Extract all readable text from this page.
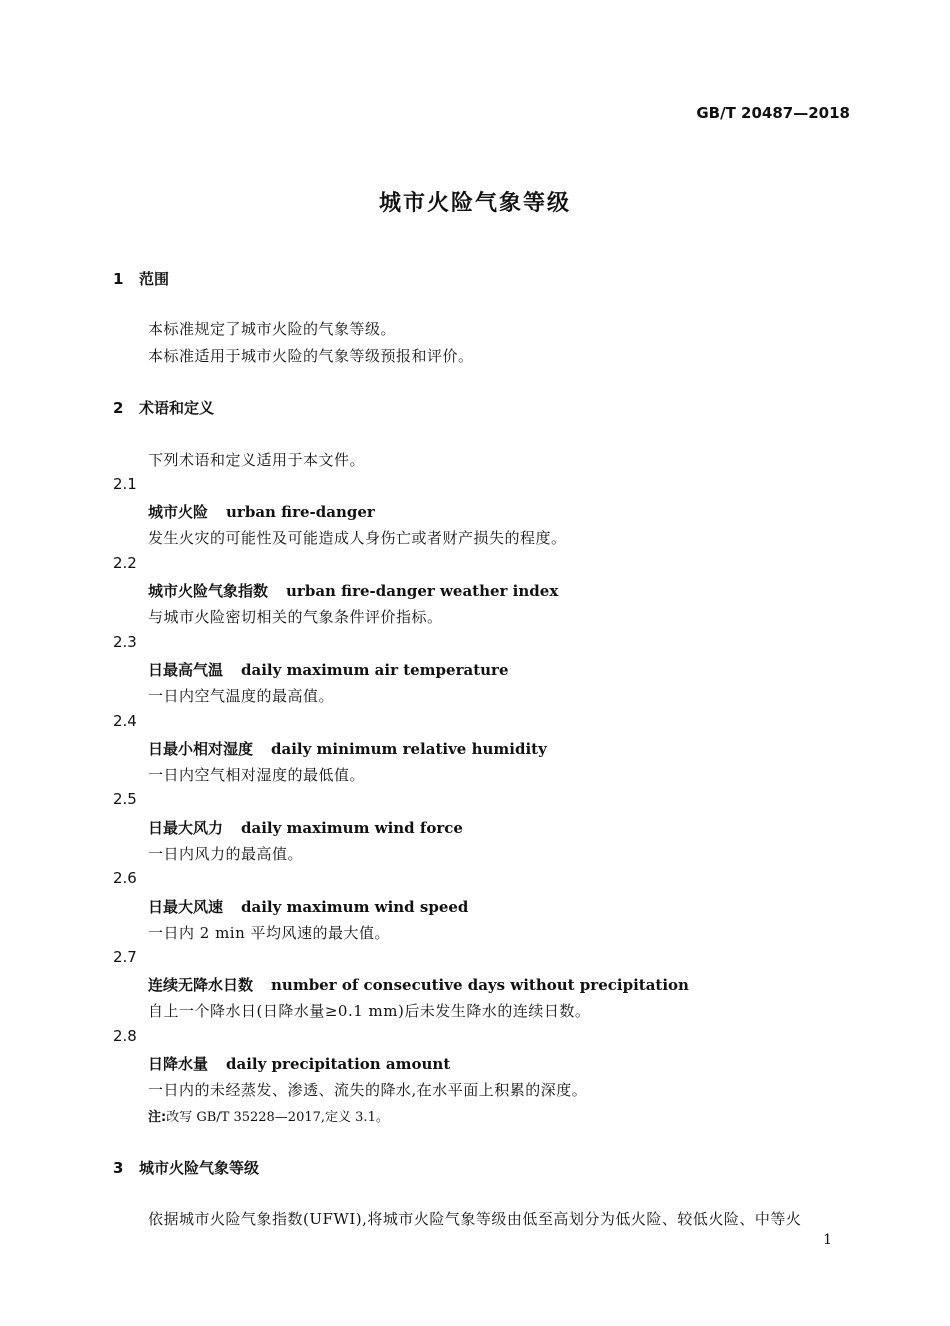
GB/T 20487—2018
城市火险气象等级
1 范围
本标准规定了城市火险的气象等级。
本标准适用于城市火险的气象等级预报和评价。
2 术语和定义
下列术语和定义适用于本文件。
2.1
城市火险 urban fire-danger
发生火灾的可能性及可能造成人身伤亡或者财产损失的程度。
2.2
城市火险气象指数 urban fire-danger weather index
与城市火险密切相关的气象条件评价指标。
2.3
日最高气温 daily maximum air temperature
一日内空气温度的最高值。
2.4
日最小相对湿度 daily minimum relative humidity
一日内空气相对湿度的最低值。
2.5
日最大风力 daily maximum wind force
一日内风力的最高值。
2.6
日最大风速 daily maximum wind speed
一日内 2 min 平均风速的最大值。
2.7
连续无降水日数 number of consecutive days without precipitation
自上一个降水日(日降水量≥0.1 mm)后未发生降水的连续日数。
2.8
日降水量 daily precipitation amount
一日内的未经蒸发、渗透、流失的降水,在水平面上积累的深度。
注:改写 GB/T 35228—2017,定义 3.1。
3 城市火险气象等级
依据城市火险气象指数(UFWI),将城市火险气象等级由低至高划分为低火险、较低火险、中等火
1
